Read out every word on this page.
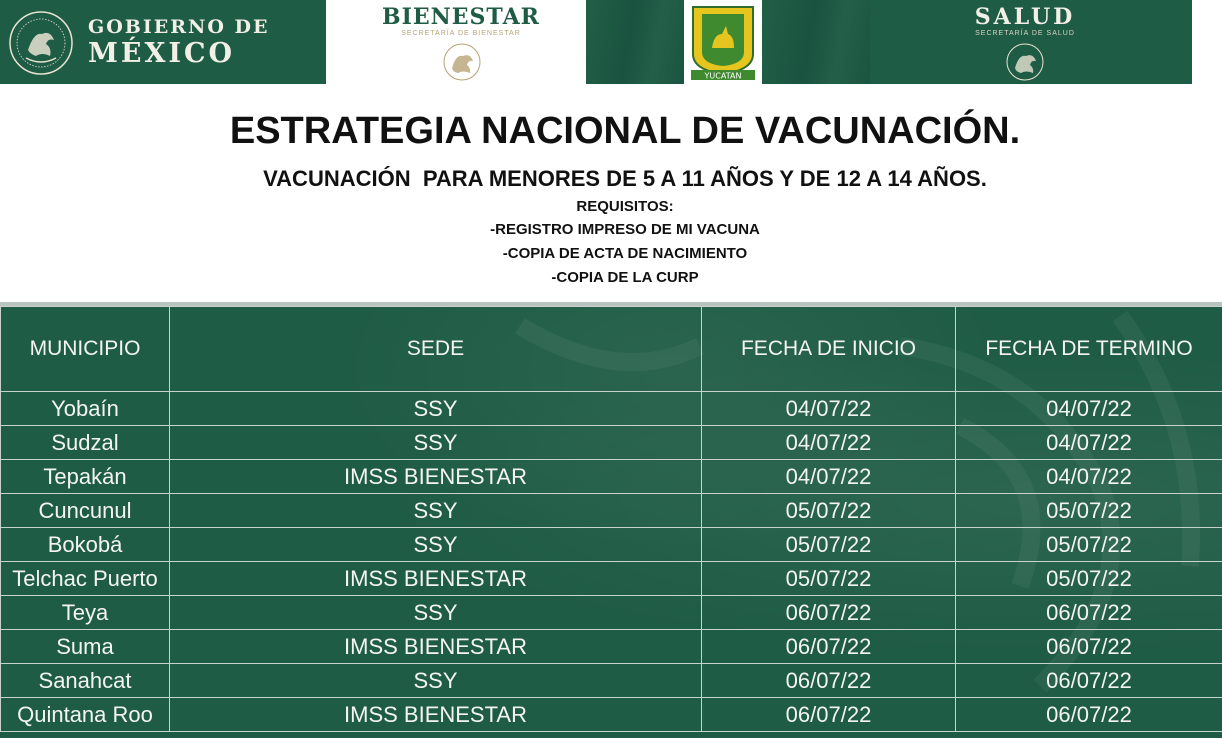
GOBIERNO DE
MÉXICO
BIENESTAR
SECRETARÍA DE BIENESTAR
YUCATAN
SALUD
SECRETARÍA DE SALUD
ESTRATEGIA NACIONAL DE VACUNACIÓN.
VACUNACIÓN  PARA MENORES DE 5 A 11 AÑOS Y DE 12 A 14 AÑOS.
REQUISITOS:
-REGISTRO IMPRESO DE MI VACUNA
-COPIA DE ACTA DE NACIMIENTO
-COPIA DE LA CURP
MUNICIPIO	SEDE	FECHA DE INICIO	FECHA DE TERMINO
Yobaín	SSY	04/07/22	04/07/22
Sudzal	SSY	04/07/22	04/07/22
Tepakán	IMSS BIENESTAR	04/07/22	04/07/22
Cuncunul	SSY	05/07/22	05/07/22
Bokobá	SSY	05/07/22	05/07/22
Telchac Puerto	IMSS BIENESTAR	05/07/22	05/07/22
Teya	SSY	06/07/22	06/07/22
Suma	IMSS BIENESTAR	06/07/22	06/07/22
Sanahcat	SSY	06/07/22	06/07/22
Quintana Roo	IMSS BIENESTAR	06/07/22	06/07/22
